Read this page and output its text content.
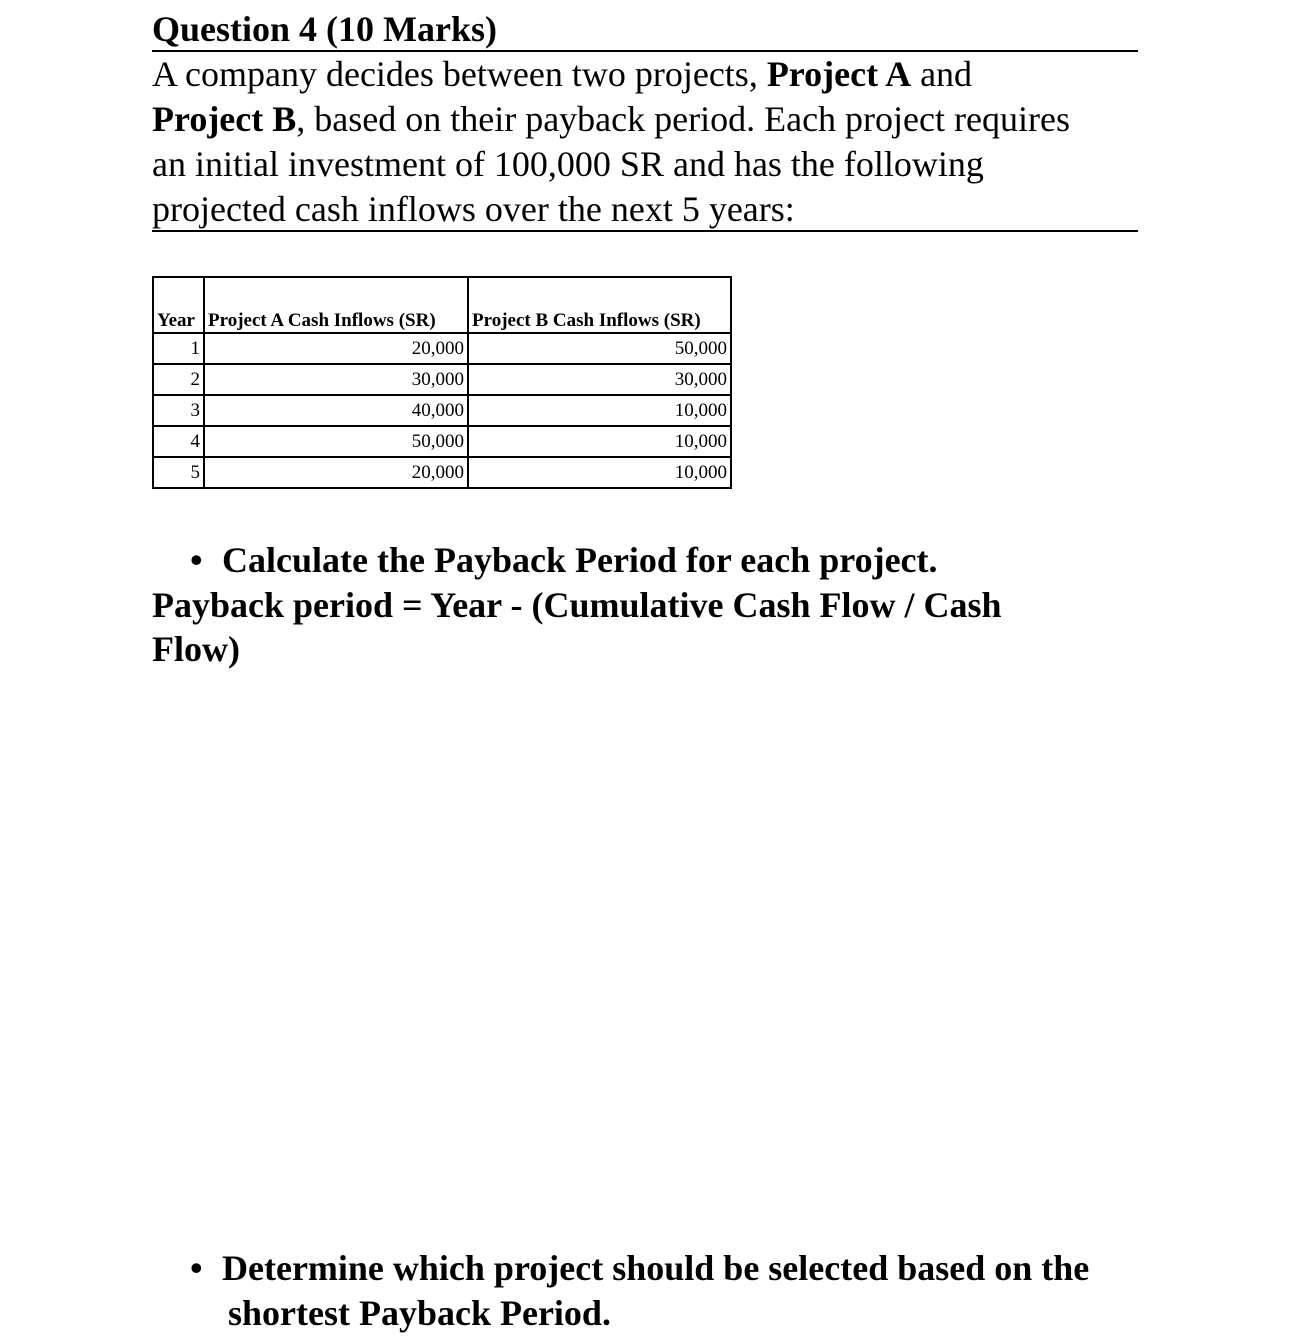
Question 4 (10 Marks)
A company decides between two projects, Project A and
Project B, based on their payback period. Each project requires
an initial investment of 100,000 SR and has the following
projected cash inflows over the next 5 years:

Year	Project A Cash Inflows (SR)	Project B Cash Inflows (SR)
1	20,000	50,000
2	30,000	30,000
3	40,000	10,000
4	50,000	10,000
5	20,000	10,000
• Calculate the Payback Period for each project.
Payback period = Year - (Cumulative Cash Flow / Cash
Flow)
• Determine which project should be selected based on the
shortest Payback Period.
